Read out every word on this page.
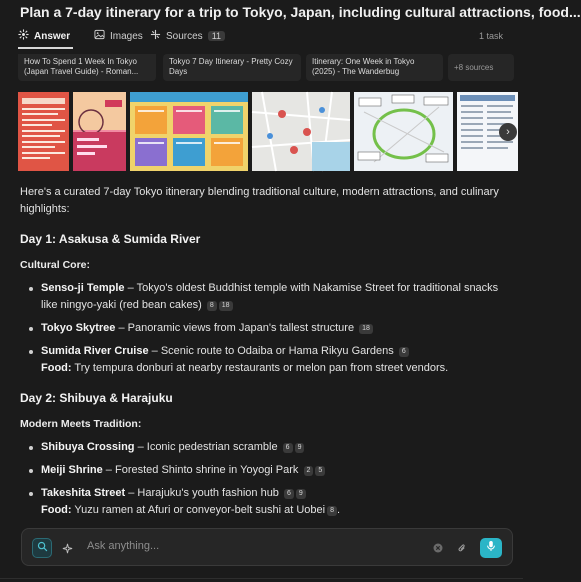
Plan a 7-day itinerary for a trip to Tokyo, Japan, including cultural attractions, food...
Answer	Images Sources	11	1 task
How To Spend 1 Week In Tokyo (Japan Travel Guide) - Roman...
Tokyo 7 Day Itinerary - Pretty Cozy Days
Itinerary: One Week in Tokyo (2025) - The Wanderbug	+8 sources
›

Here's a curated 7-day Tokyo itinerary blending traditional culture, modern attractions, and culinary highlights:

Day 1: Asakusa & Sumida River
Cultural Core:
Senso-ji Temple – Tokyo's oldest Buddhist temple with Nakamise Street for traditional snacks like ningyo-yaki (red bean cakes) 8 18
Tokyo Skytree – Panoramic views from Japan's tallest structure 18
Sumida River Cruise – Scenic route to Odaiba or Hama Rikyu Gardens 6
Food: Try tempura donburi at nearby restaurants or melon pan from street vendors.
Day 2: Shibuya & Harajuku
Modern Meets Tradition:
Shibuya Crossing – Iconic pedestrian scramble 6 9
Meiji Shrine – Forested Shinto shrine in Yoyogi Park 2 5
Takeshita Street – Harajuku's youth fashion hub 6 9
Food: Yuzu ramen at Afuri or conveyor-belt sushi at Uobei 8 .
Ask anything...
